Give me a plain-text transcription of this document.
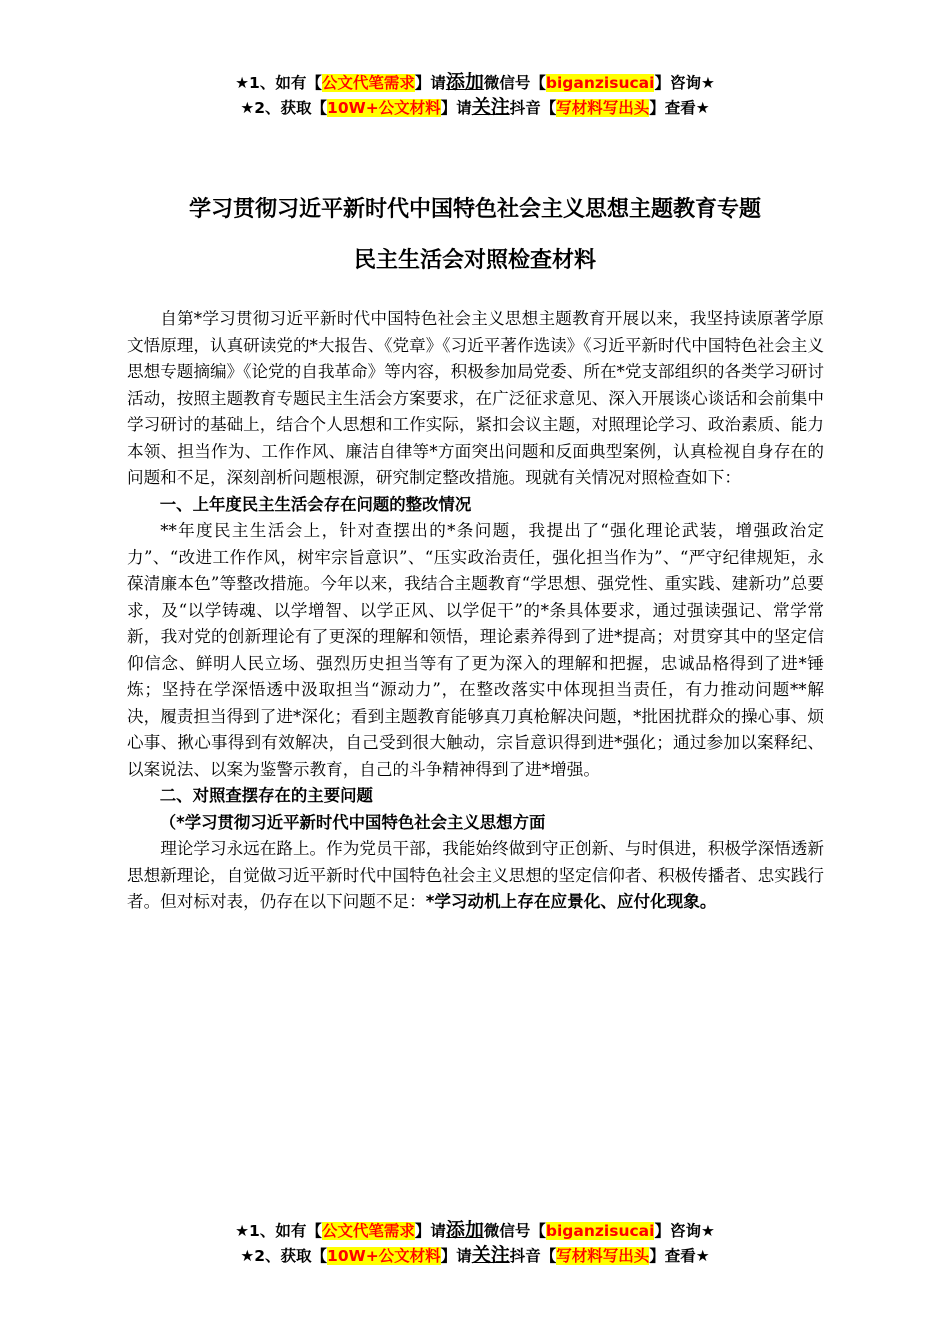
★1、如有【公文代笔需求】请添加微信号【biganzisucai】咨询★
★2、获取【10W+公文材料】请关注抖音【写材料写出头】查看★
学习贯彻习近平新时代中国特色社会主义思想主题教育专题
民主生活会对照检查材料

自第*学习贯彻习近平新时代中国特色社会主义思想主题教育开展以来，我坚持读原著学原文悟原理，认真研读党的*大报告、《党章》《习近平著作选读》《习近平新时代中国特色社会主义思想专题摘编》《论党的自我革命》等内容，积极参加局党委、所在*党支部组织的各类学习研讨活动，按照主题教育专题民主生活会方案要求，在广泛征求意见、深入开展谈心谈话和会前集中学习研讨的基础上，结合个人思想和工作实际，紧扣会议主题，对照理论学习、政治素质、能力本领、担当作为、工作作风、廉洁自律等*方面突出问题和反面典型案例，认真检视自身存在的问题和不足，深刻剖析问题根源，研究制定整改措施。现就有关情况对照检查如下：

一、上年度民主生活会存在问题的整改情况

**年度民主生活会上，针对查摆出的*条问题，我提出了“强化理论武装，增强政治定力”、“改进工作作风，树牢宗旨意识”、“压实政治责任，强化担当作为”、“严守纪律规矩，永葆清廉本色”等整改措施。今年以来，我结合主题教育“学思想、强党性、重实践、建新功”总要求，及“以学铸魂、以学增智、以学正风、以学促干”的*条具体要求，通过强读强记、常学常新，我对党的创新理论有了更深的理解和领悟，理论素养得到了进*提高；对贯穿其中的坚定信仰信念、鲜明人民立场、强烈历史担当等有了更为深入的理解和把握，忠诚品格得到了进*锤炼；坚持在学深悟透中汲取担当“源动力”，在整改落实中体现担当责任，有力推动问题**解决，履责担当得到了进*深化；看到主题教育能够真刀真枪解决问题，*批困扰群众的操心事、烦心事、揪心事得到有效解决，自己受到很大触动，宗旨意识得到进*强化；通过参加以案释纪、以案说法、以案为鉴警示教育，自己的斗争精神得到了进*增强。

二、对照查摆存在的主要问题

（*学习贯彻习近平新时代中国特色社会主义思想方面

理论学习永远在路上。作为党员干部，我能始终做到守正创新、与时俱进，积极学深悟透新思想新理论，自觉做习近平新时代中国特色社会主义思想的坚定信仰者、积极传播者、忠实践行者。但对标对表，仍存在以下问题不足：*学习动机上存在应景化、应付化现象。

★1、如有【公文代笔需求】请添加微信号【biganzisucai】咨询★
★2、获取【10W+公文材料】请关注抖音【写材料写出头】查看★
